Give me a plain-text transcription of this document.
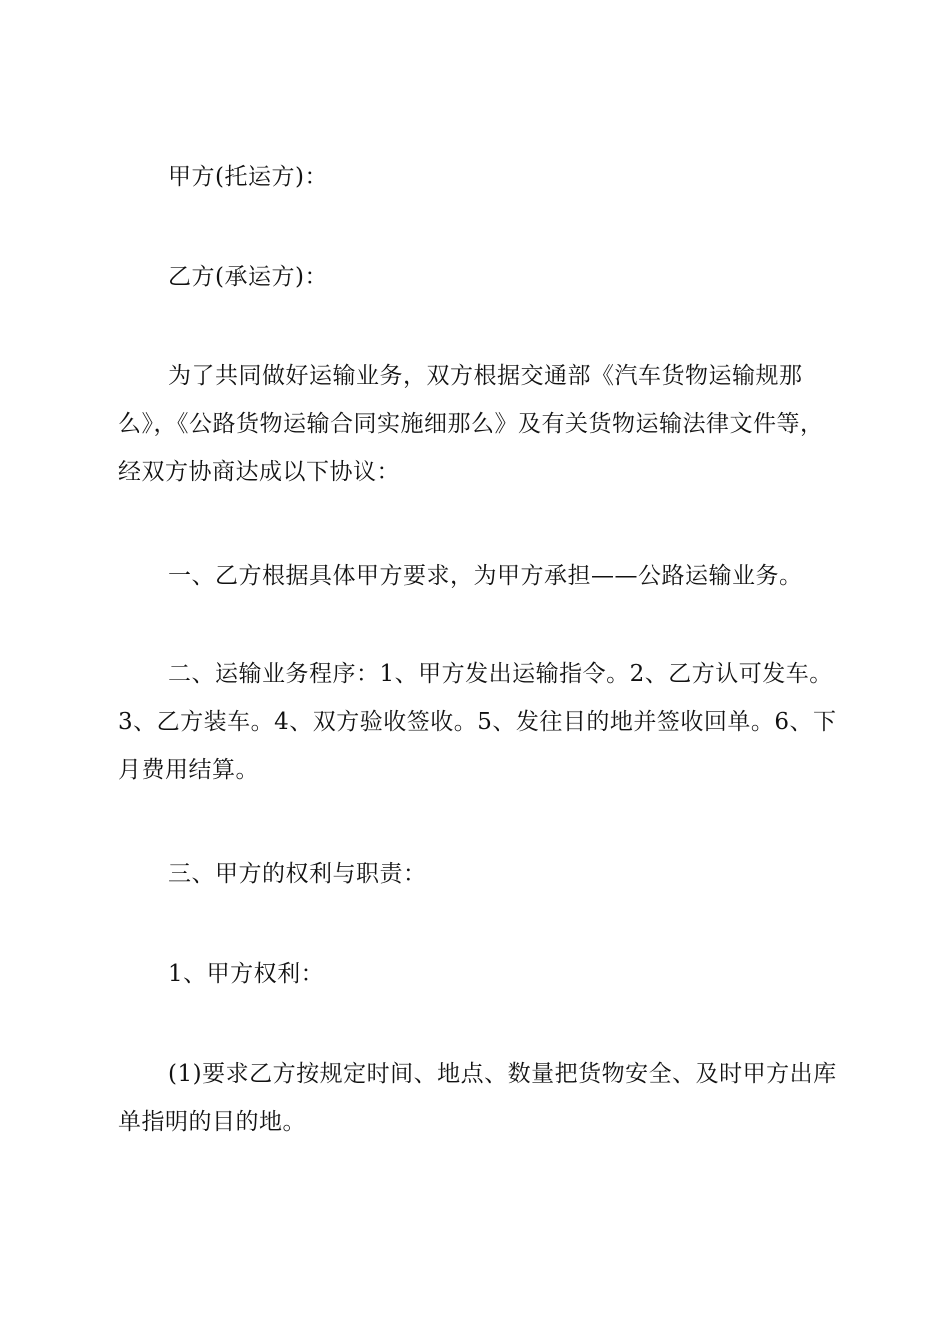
甲方(托运方)：

乙方(承运方)：

为了共同做好运输业务，双方根据交通部《汽车货物运输规那么》，《公路货物运输合同实施细那么》及有关货物运输法律文件等，经双方协商达成以下协议：

一、乙方根据具体甲方要求，为甲方承担——公路运输业务。

二、运输业务程序：1、甲方发出运输指令。2、乙方认可发车。3、乙方装车。4、双方验收签收。5、发往目的地并签收回单。6、下月费用结算。

三、甲方的权利与职责：

1、甲方权利：

(1)要求乙方按规定时间、地点、数量把货物安全、及时甲方出库单指明的目的地。
